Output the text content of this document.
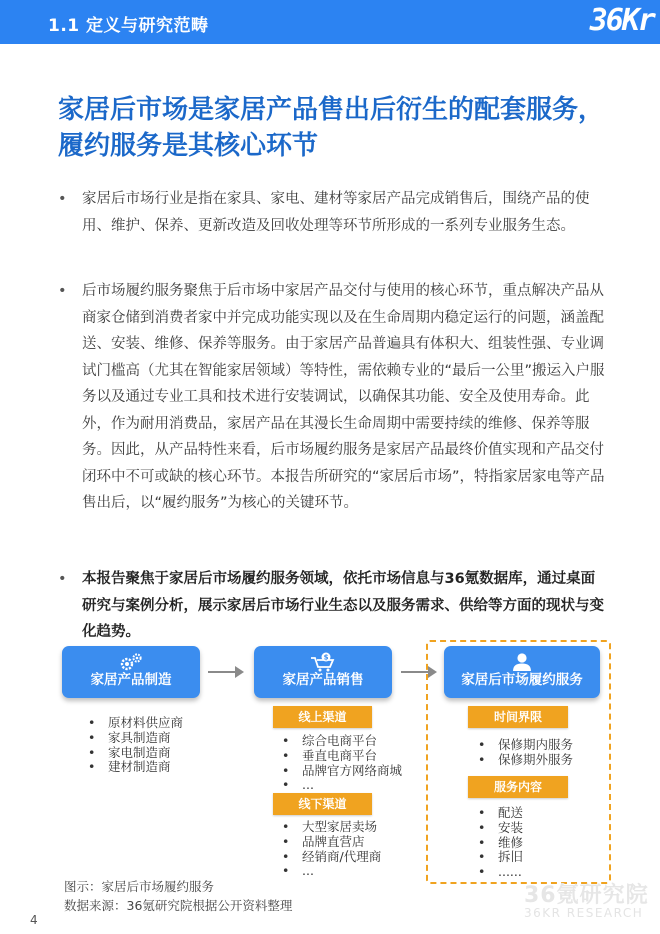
1.1 定义与研究范畴	36Kr
家居后市场是家居产品售出后衍生的配套服务，
履约服务是其核心环节
•	家居后市场行业是指在家具、家电、建材等家居产品完成销售后，围绕产品的使用、维护、保养、更新改造及回收处理等环节所形成的一系列专业服务生态。
•	后市场履约服务聚焦于后市场中家居产品交付与使用的核心环节，重点解决产品从商家仓储到消费者家中并完成功能实现以及在生命周期内稳定运行的问题，涵盖配送、安装、维修、保养等服务。由于家居产品普遍具有体积大、组装性强、专业调试门槛高（尤其在智能家居领域）等特性，需依赖专业的“最后一公里”搬运入户服务以及通过专业工具和技术进行安装调试，以确保其功能、安全及使用寿命。此外，作为耐用消费品，家居产品在其漫长生命周期中需要持续的维修、保养等服务。因此，从产品特性来看，后市场履约服务是家居产品最终价值实现和产品交付闭环中不可或缺的核心环节。本报告所研究的“家居后市场”，特指家居家电等产品售出后，以“履约服务”为核心的关键环节。
•	本报告聚焦于家居后市场履约服务领域，依托市场信息与36氪数据库，通过桌面研究与案例分析，展示家居后市场行业生态以及服务需求、供给等方面的现状与变化趋势。
家居产品制造
$
家居产品销售	家居后市场履约服务
• 原材料供应商
• 家具制造商
• 家电制造商
• 建材制造商
线上渠道
• 综合电商平台
• 垂直电商平台
• 品牌官方网络商城
• ...
线下渠道
• 大型家居卖场
• 品牌直营店
• 经销商/代理商
• ...
时间界限
• 保修期内服务
• 保修期外服务
服务内容
• 配送
• 安装
• 维修
• 拆旧
• ......
图示：家居后市场履约服务
数据来源：36氪研究院根据公开资料整理	36氪研究院
36KR RESEARCH
4
